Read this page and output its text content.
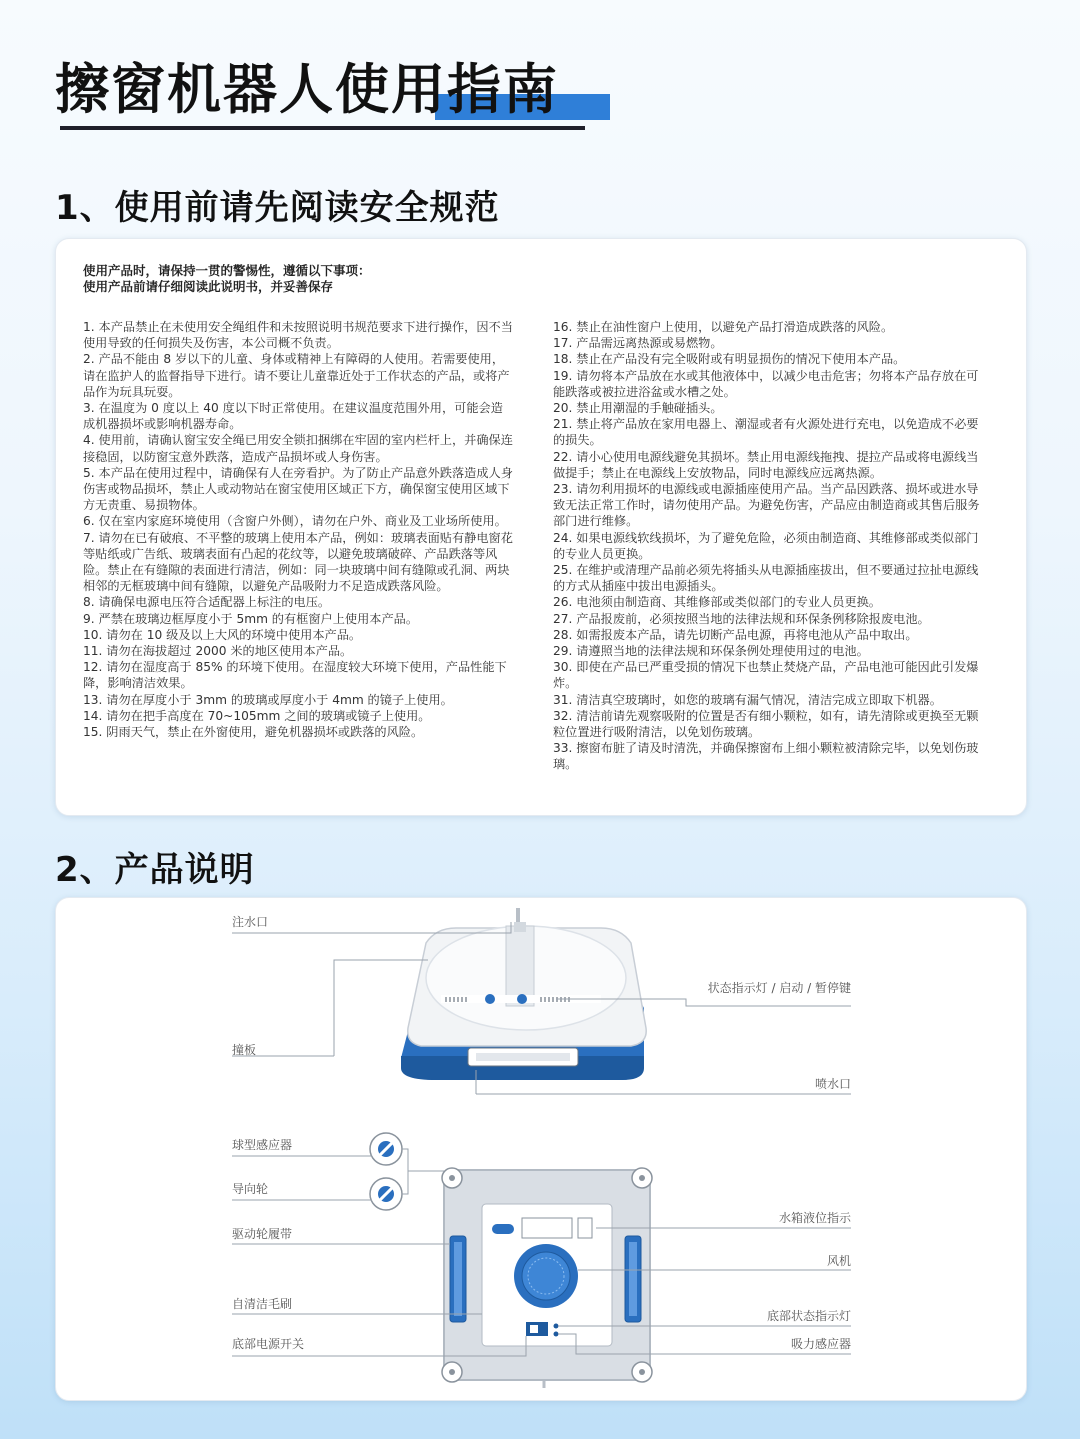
擦窗机器人使用指南
1、使用前请先阅读安全规范
使用产品时，请保持一贯的警惕性，遵循以下事项：
使用产品前请仔细阅读此说明书，并妥善保存
1. 本产品禁止在未使用安全绳组件和未按照说明书规范要求下进行操作，因不当使用导致的任何损失及伤害，本公司概不负责。
2. 产品不能由 8 岁以下的儿童、身体或精神上有障碍的人使用。若需要使用，请在监护人的监督指导下进行。请不要让儿童靠近处于工作状态的产品，或将产品作为玩具玩耍。
3. 在温度为 0 度以上 40 度以下时正常使用。在建议温度范围外用，可能会造成机器损坏或影响机器寿命。
4. 使用前，请确认窗宝安全绳已用安全锁扣捆绑在牢固的室内栏杆上，并确保连接稳固，以防窗宝意外跌落，造成产品损坏或人身伤害。
5. 本产品在使用过程中，请确保有人在旁看护。为了防止产品意外跌落造成人身伤害或物品损坏，禁止人或动物站在窗宝使用区域正下方，确保窗宝使用区域下方无责重、易损物体。
6. 仅在室内家庭环境使用（含窗户外侧），请勿在户外、商业及工业场所使用。
7. 请勿在已有破痕、不平整的玻璃上使用本产品，例如：玻璃表面贴有静电窗花等贴纸或广告纸、玻璃表面有凸起的花纹等，以避免玻璃破碎、产品跌落等风险。禁止在有缝隙的表面进行清洁，例如：同一块玻璃中间有缝隙或孔洞、两块相邻的无框玻璃中间有缝隙，以避免产品吸附力不足造成跌落风险。
8. 请确保电源电压符合适配器上标注的电压。
9. 严禁在玻璃边框厚度小于 5mm 的有框窗户上使用本产品。
10. 请勿在 10 级及以上大风的环境中使用本产品。
11. 请勿在海拔超过 2000 米的地区使用本产品。
12. 请勿在湿度高于 85% 的环境下使用。在湿度较大环境下使用，产品性能下降，影响清洁效果。
13. 请勿在厚度小于 3mm 的玻璃或厚度小于 4mm 的镜子上使用。
14. 请勿在把手高度在 70~105mm 之间的玻璃或镜子上使用。
15. 阴雨天气，禁止在外窗使用，避免机器损坏或跌落的风险。
16. 禁止在油性窗户上使用，以避免产品打滑造成跌落的风险。
17. 产品需远离热源或易燃物。
18. 禁止在产品没有完全吸附或有明显损伤的情况下使用本产品。
19. 请勿将本产品放在水或其他液体中，以减少电击危害；勿将本产品存放在可能跌落或被拉进浴盆或水槽之处。
20. 禁止用潮湿的手触碰插头。
21. 禁止将产品放在家用电器上、潮湿或者有火源处进行充电，以免造成不必要的损失。
22. 请小心使用电源线避免其损坏。禁止用电源线拖拽、提拉产品或将电源线当做提手；禁止在电源线上安放物品，同时电源线应远离热源。
23. 请勿利用损坏的电源线或电源插座使用产品。当产品因跌落、损坏或进水导致无法正常工作时，请勿使用产品。为避免伤害，产品应由制造商或其售后服务部门进行维修。
24. 如果电源线软线损坏，为了避免危险，必须由制造商、其维修部或类似部门的专业人员更换。
25. 在维护或清理产品前必须先将插头从电源插座拔出，但不要通过拉扯电源线的方式从插座中拔出电源插头。
26. 电池须由制造商、其维修部或类似部门的专业人员更换。
27. 产品报废前，必须按照当地的法律法规和环保条例移除报废电池。
28. 如需报废本产品，请先切断产品电源，再将电池从产品中取出。
29. 请遵照当地的法律法规和环保条例处理使用过的电池。
30. 即使在产品已严重受损的情况下也禁止焚烧产品，产品电池可能因此引发爆炸。
31. 清洁真空玻璃时，如您的玻璃有漏气情况，清洁完成立即取下机器。
32. 清洁前请先观察吸附的位置是否有细小颗粒，如有，请先清除或更换至无颗粒位置进行吸附清洁，以免划伤玻璃。
33. 擦窗布脏了请及时清洗，并确保擦窗布上细小颗粒被清除完毕，以免划伤玻璃。
2、产品说明
注水口
状态指示灯 / 启动 / 暂停键
撞板
喷水口
球型感应器
导向轮
驱动轮履带
水箱液位指示
风机
自清洁毛刷
底部状态指示灯
底部电源开关	吸力感应器
